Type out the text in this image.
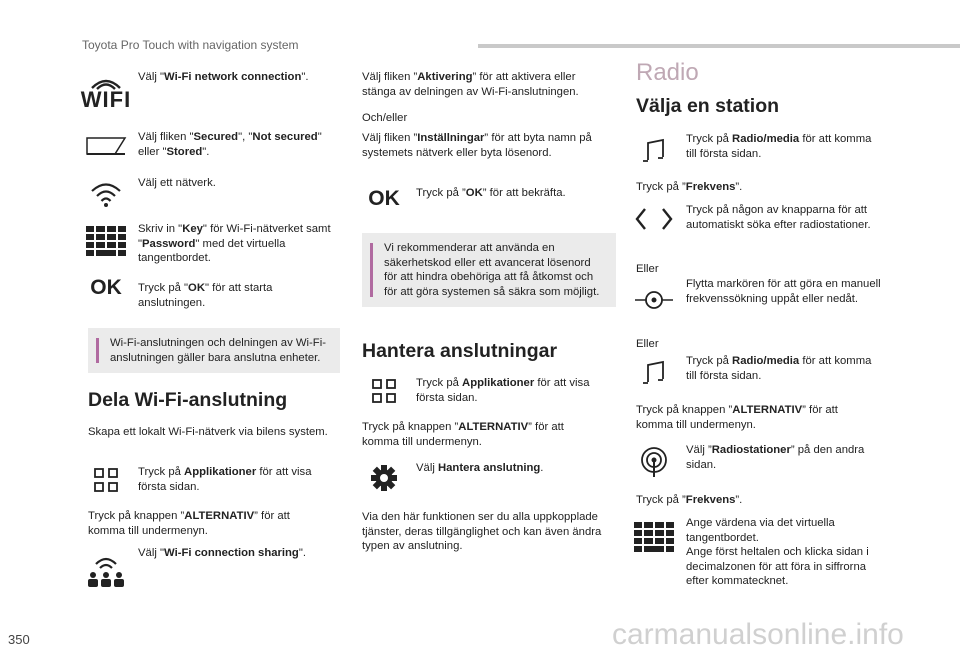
Toyota Pro Touch with navigation system
WIFI
Välj "Wi-Fi network connection".
Välj fliken "Secured", "Not secured" eller "Stored".
Välj ett nätverk.
Skriv in "Key" för Wi-Fi-nätverket samt "Password" med det virtuella tangentbordet.
OK	Tryck på "OK" för att starta anslutningen.
Wi-Fi-anslutningen och delningen av Wi-Fi-anslutningen gäller bara anslutna enheter.
Dela Wi-Fi-anslutning

Skapa ett lokalt Wi-Fi-nätverk via bilens system.

Tryck på Applikationer för att visa första sidan.

Tryck på knappen ”ALTERNATIV” för att komma till undermenyn.

Välj "Wi-Fi connection sharing".

Välj fliken ”Aktivering” för att aktivera eller stänga av delningen av Wi-Fi-anslutningen.

Och/eller

Välj fliken ”Inställningar” för att byta namn på systemets nätverk eller byta lösenord.

OK	Tryck på ”OK” för att bekräfta.
Vi rekommenderar att använda en säkerhetskod eller ett avancerat lösenord för att hindra obehöriga att få åtkomst och för att göra systemen så säkra som möjligt.
Hantera anslutningar
Tryck på Applikationer för att visa första sidan.

Tryck på knappen ”ALTERNATIV” för att komma till undermenyn.

Välj Hantera anslutning.

Via den här funktionen ser du alla uppkopplade tjänster, deras tillgänglighet och kan även ändra typen av anslutning.

Radio
Välja en station
Tryck på Radio/media för att komma till första sidan.

Tryck på ”Frekvens”.

Tryck på någon av knapparna för att automatiskt söka efter radiostationer.

Eller

Flytta markören för att göra en manuell frekvenssökning uppåt eller nedåt.

Eller

Tryck på Radio/media för att komma till första sidan.

Tryck på knappen ”ALTERNATIV” för att komma till undermenyn.

Välj ”Radiostationer” på den andra sidan.

Tryck på ”Frekvens”.

Ange värdena via det virtuella tangentbordet.
Ange först heltalen och klicka sidan i decimalzonen för att föra in siffrorna efter kommatecknet.
350	carmanualsonline.info
